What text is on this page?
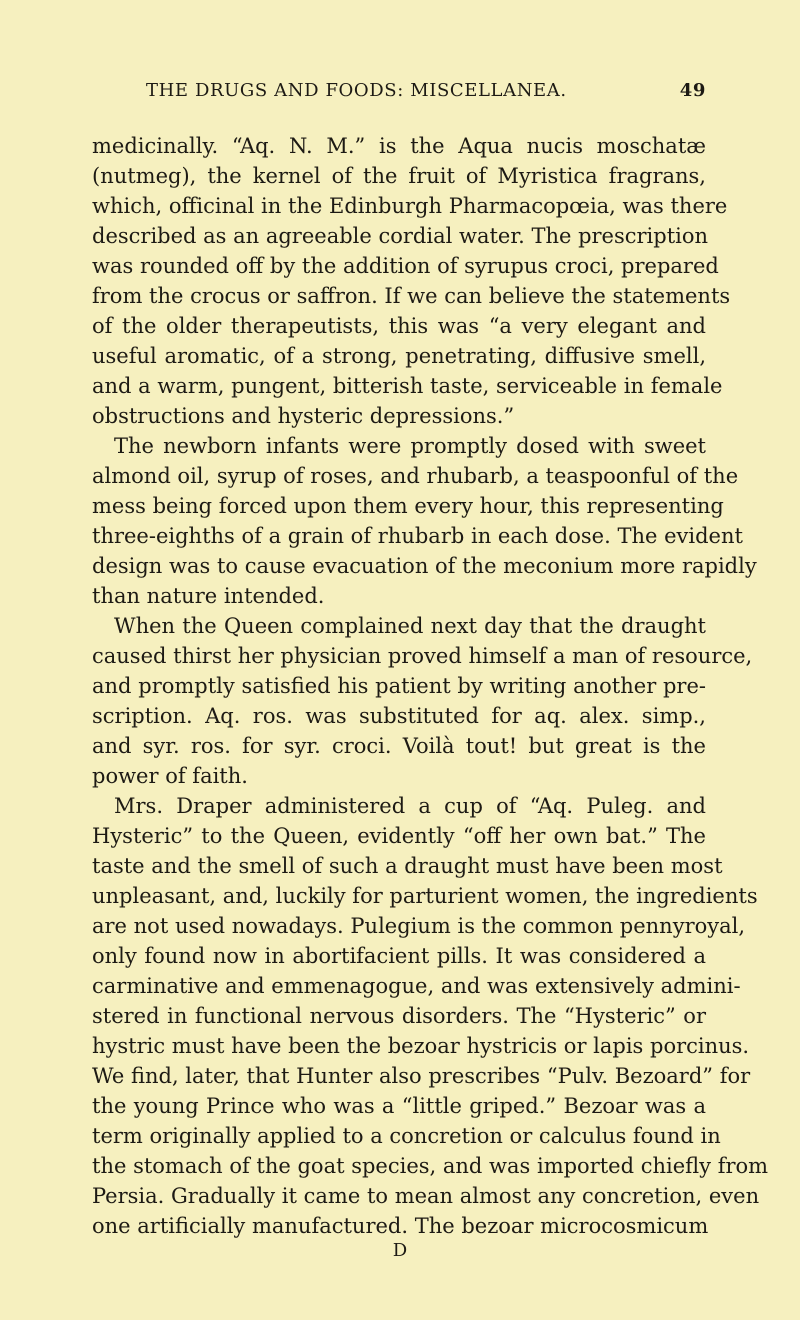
THE DRUGS AND FOODS: MISCELLANEA.	49
medicinally. “Aq. N. M.” is the Aqua nucis moschatæ
(nutmeg), the kernel of the fruit of Myristica fragrans,
which, officinal in the Edinburgh Pharmacopœia, was there
described as an agreeable cordial water. The prescription
was rounded off by the addition of syrupus croci, prepared
from the crocus or saffron. If we can believe the statements
of the older therapeutists, this was “a very elegant and
useful aromatic, of a strong, penetrating, diffusive smell,
and a warm, pungent, bitterish taste, serviceable in female
obstructions and hysteric depressions.”
The newborn infants were promptly dosed with sweet
almond oil, syrup of roses, and rhubarb, a teaspoonful of the
mess being forced upon them every hour, this representing
three-eighths of a grain of rhubarb in each dose. The evident
design was to cause evacuation of the meconium more rapidly
than nature intended.
When the Queen complained next day that the draught
caused thirst her physician proved himself a man of resource,
and promptly satisfied his patient by writing another pre-
scription. Aq. ros. was substituted for aq. alex. simp.,
and syr. ros. for syr. croci. Voilà tout! but great is the
power of faith.
Mrs. Draper administered a cup of “Aq. Puleg. and
Hysteric” to the Queen, evidently “off her own bat.” The
taste and the smell of such a draught must have been most
unpleasant, and, luckily for parturient women, the ingredients
are not used nowadays. Pulegium is the common pennyroyal,
only found now in abortifacient pills. It was considered a
carminative and emmenagogue, and was extensively admini-
stered in functional nervous disorders. The “Hysteric” or
hystric must have been the bezoar hystricis or lapis porcinus.
We find, later, that Hunter also prescribes “Pulv. Bezoard” for
the young Prince who was a “little griped.” Bezoar was a
term originally applied to a concretion or calculus found in
the stomach of the goat species, and was imported chiefly from
Persia. Gradually it came to mean almost any concretion, even
one artificially manufactured. The bezoar microcosmicum
D
